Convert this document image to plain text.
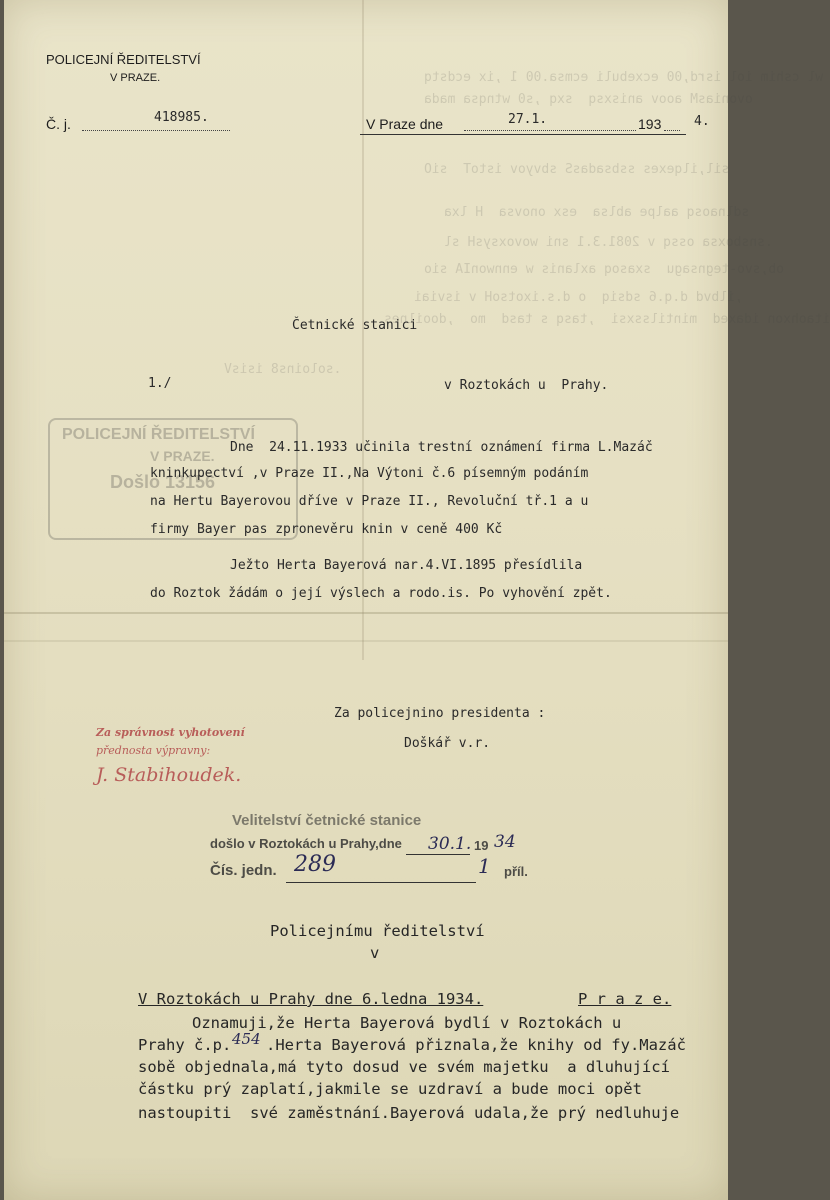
wl cshim iol isrd,00 ecxebuli ecmsa.00 1 ,ix ecdstq
ovoniasM aoov anisxsq  sxq ,s0 wtnqsa mada
sil,ilqexes ssbsadasS sbvyov istoT  siO
sdlnaosq aalpe ablsa  esx onovsa  H lxa
.snsboxsa ossq v 2081.3.1 sni wovoxsysH sl
ob,svo-tegnsagu  sxasoq axlanis w ennwonIA sio
,ilbvd d.q.6 sdsiq  o d.s.ixotsoH v isviai
itaohxon idaxed  mintilssxsi  ,tasq s tasd  mo  ,dooilnes
.soloins8 isisV
POLICEJNÍ ŘEDITELSTVÍ
V PRAZE.
Č. j.	418985.	V Praze dne	27.1.	193	4.
Četnické stanici
1./	v Roztokách u  Prahy.
POLICEJNÍ ŘEDITELSTVÍ
V PRAZE.
Došlo 13156
Dne  24.11.1933 učinila trestní oznámení firma L.Mazáč
kninkupectví ,v Praze II.,Na Výtoni č.6 písemným podáním
na Hertu Bayerovou dříve v Praze II., Revoluční tř.1 a u
firmy Bayer pas zpronevěru knin v ceně 400 Kč
Ježto Herta Bayerová nar.4.VI.1895 přesídlila
do Roztok žádám o její výslech a rodo.is. Po vyhovění zpět.
Za policejnino presidenta :
Doškář v.r.
Za správnost vyhotovení
přednosta výpravny:
J. Stabihoudek.
Velitelství četnické stanice
došlo v Roztokách u Prahy,dne 30.1. 19 34
Čís. jedn. 289	1 příl.
Policejnímu ředitelství
v
V Roztokách u Prahy dne 6.ledna 1934.	P r a z e.
Oznamuji,že Herta Bayerová bydlí v Roztokách u
Prahy č.p. 454 .Herta Bayerová přiznala,že knihy od fy.Mazáč
sobě objednala,má tyto dosud ve svém majetku  a dluhující
částku prý zaplatí,jakmile se uzdraví a bude moci opět
nastoupiti  své zaměstnání.Bayerová udala,že prý nedluhuje
